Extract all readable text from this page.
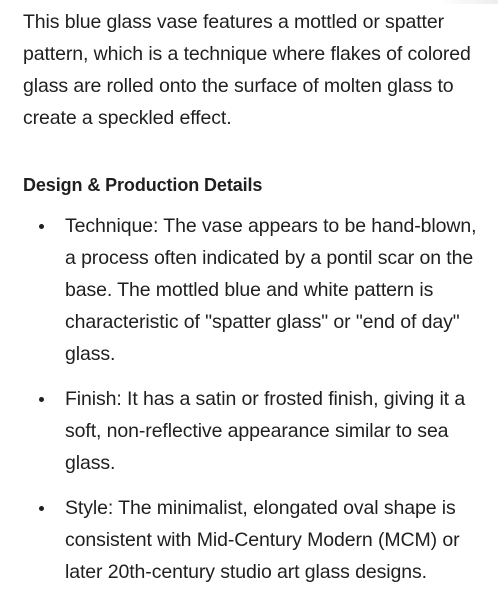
This blue glass vase features a mottled or spatter pattern, which is a technique where flakes of colored glass are rolled onto the surface of molten glass to create a speckled effect.

Design & Production Details
Technique: The vase appears to be hand-blown, a process often indicated by a pontil scar on the base. The mottled blue and white pattern is characteristic of "spatter glass" or "end of day" glass.
Finish: It has a satin or frosted finish, giving it a soft, non-reflective appearance similar to sea glass.
Style: The minimalist, elongated oval shape is consistent with Mid-Century Modern (MCM) or later 20th-century studio art glass designs.
